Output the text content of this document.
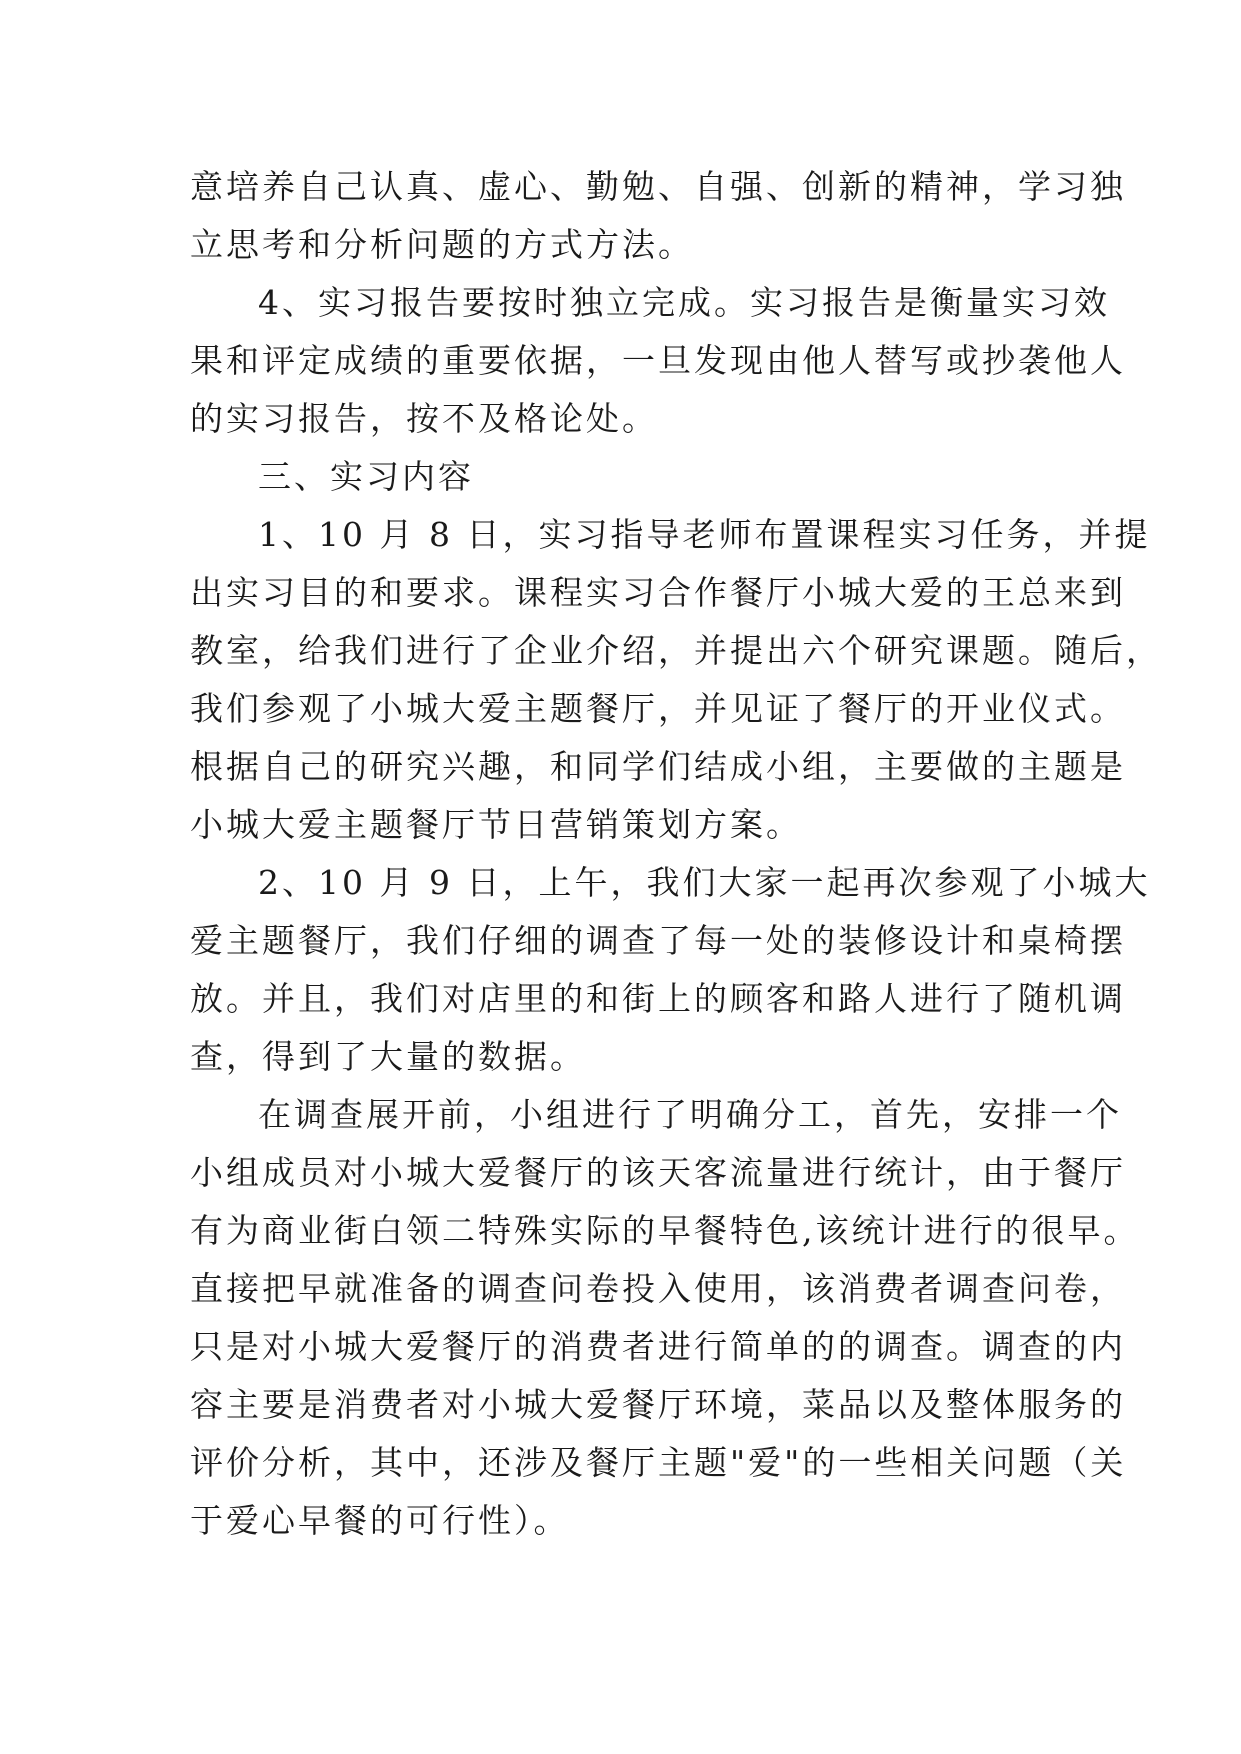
意培养自己认真、虚心、勤勉、自强、创新的精神，学习独
立思考和分析问题的方式方法。
4、实习报告要按时独立完成。实习报告是衡量实习效
果和评定成绩的重要依据，一旦发现由他人替写或抄袭他人
的实习报告，按不及格论处。
三、实习内容
1、10 月 8 日，实习指导老师布置课程实习任务，并提
出实习目的和要求。课程实习合作餐厅小城大爱的王总来到
教室，给我们进行了企业介绍，并提出六个研究课题。随后，
我们参观了小城大爱主题餐厅，并见证了餐厅的开业仪式。
根据自己的研究兴趣，和同学们结成小组，主要做的主题是
小城大爱主题餐厅节日营销策划方案。
2、10 月 9 日，上午，我们大家一起再次参观了小城大
爱主题餐厅，我们仔细的调查了每一处的装修设计和桌椅摆
放。并且，我们对店里的和街上的顾客和路人进行了随机调
查，得到了大量的数据。
在调查展开前，小组进行了明确分工，首先，安排一个
小组成员对小城大爱餐厅的该天客流量进行统计，由于餐厅
有为商业街白领二特殊实际的早餐特色,该统计进行的很早。
直接把早就准备的调查问卷投入使用，该消费者调查问卷，
只是对小城大爱餐厅的消费者进行简单的的调查。调查的内
容主要是消费者对小城大爱餐厅环境，菜品以及整体服务的
评价分析，其中，还涉及餐厅主题"爱"的一些相关问题（关
于爱心早餐的可行性）。
